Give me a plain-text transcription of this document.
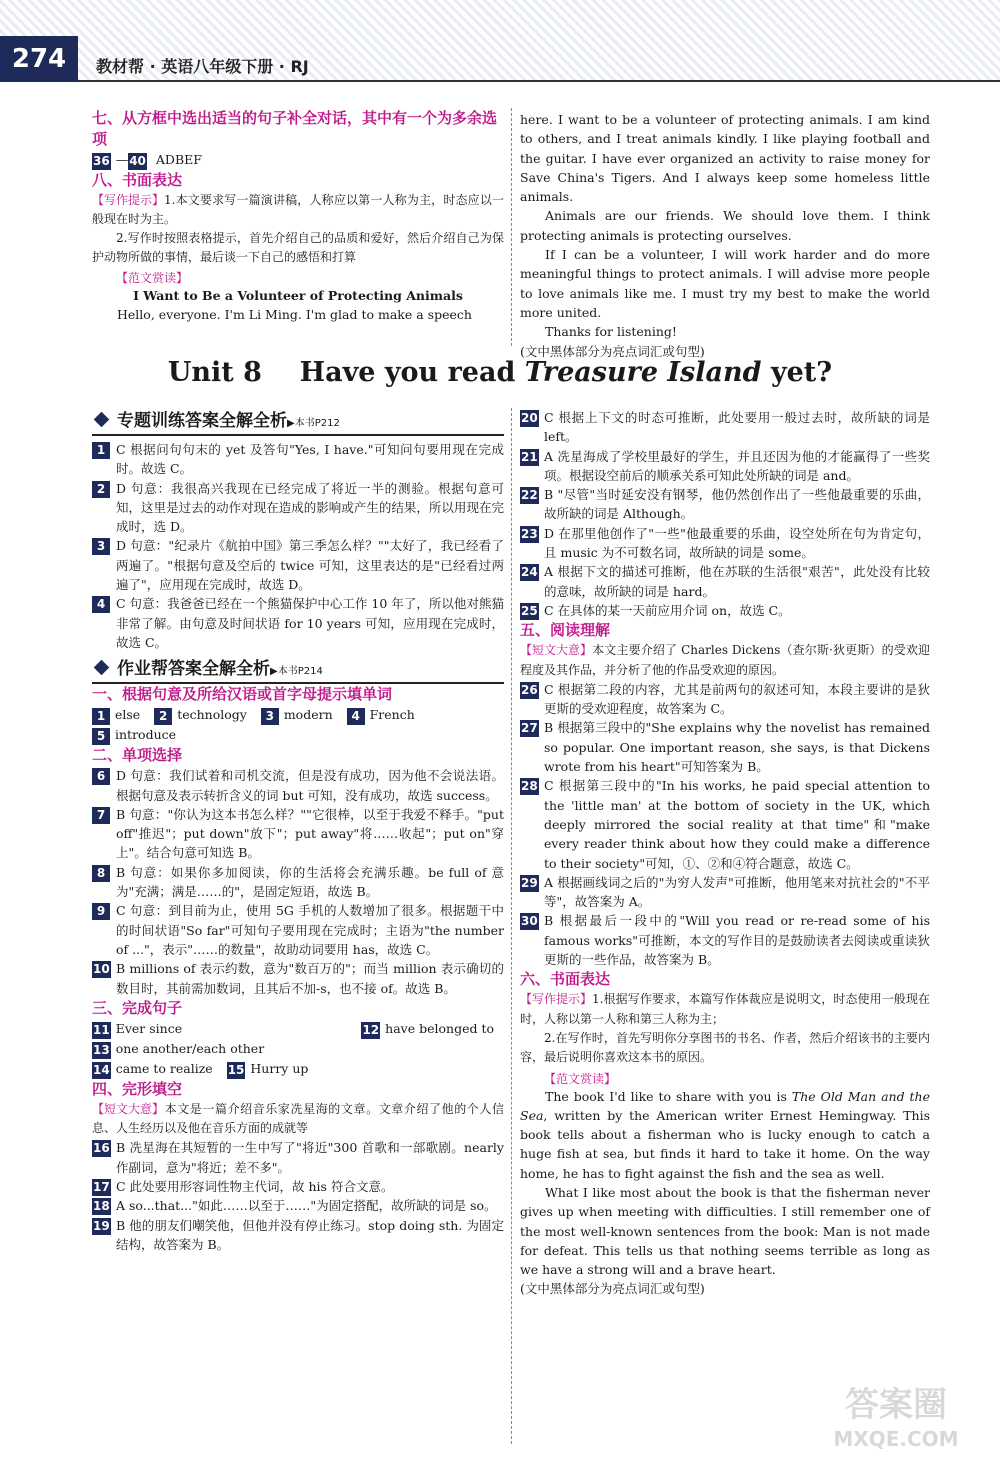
274	教材帮 · 英语八年级下册 · RJ
七、从方框中选出适当的句子补全对话，其中有一个为多余选项
36 —40 ADBEF
八、书面表达
【写作提示】1.本文要求写一篇演讲稿，人称应以第一人称为主，时态应以一般现在时为主。
2.写作时按照表格提示，首先介绍自己的品质和爱好，然后介绍自己为保护动物所做的事情，最后谈一下自己的感悟和打算
【范文赏读】
I Want to Be a Volunteer of Protecting Animals
Hello, everyone. I'm Li Ming. I'm glad to make a speech
here. I want to be a volunteer of protecting animals. I am kind to others, and I treat animals kindly. I like playing football and the guitar. I have ever organized an activity to raise money for Save China's Tigers. And I always keep some homeless little animals.
Animals are our friends. We should love them. I think protecting animals is protecting ourselves.
If I can be a volunteer, I will work harder and do more meaningful things to protect animals. I will advise more people to love animals like me. I must try my best to make the world more united.
Thanks for listening!
(文中黑体部分为亮点词汇或句型)
Unit 8 Have you read Treasure Island yet?
专题训练答案全解全析▶本书P212
1 C 根据问句句末的 yet 及答句"Yes, I have."可知问句要用现在完成时。故选 C。
2 D 句意：我很高兴我现在已经完成了将近一半的测验。根据句意可知，这里是过去的动作对现在造成的影响或产生的结果，所以用现在完成时，选 D。
3 D 句意："纪录片《航拍中国》第三季怎么样？""太好了，我已经看了两遍了。"根据句意及空后的 twice 可知，这里表达的是"已经看过两遍了"，应用现在完成时，故选 D。
4 C 句意：我爸爸已经在一个熊猫保护中心工作 10 年了，所以他对熊猫非常了解。由句意及时间状语 for 10 years 可知，应用现在完成时，故选 C。
作业帮答案全解全析▶本书P214
一、根据句意及所给汉语或首字母提示填单词
1 else 2 technology 3 modern 4 French
5 introduce
二、单项选择
6 D 句意：我们试着和司机交流，但是没有成功，因为他不会说法语。根据句意及表示转折含义的词 but 可知，没有成功，故选 success。
7 B 句意："你认为这本书怎么样？""它很棒，以至于我爱不释手。"put off"推迟"；put down"放下"；put away"将……收起"；put on"穿上"。结合句意可知选 B。
8 B 句意：如果你多加阅读，你的生活将会充满乐趣。be full of 意为"充满；满是……的"，是固定短语，故选 B。
9 C 句意：到目前为止，使用 5G 手机的人数增加了很多。根据题干中的时间状语"So far"可知句子要用现在完成时；主语为"the number of ..."，表示"……的数量"，故助动词要用 has，故选 C。
10 B millions of 表示约数，意为"数百万的"；而当 million 表示确切的数目时，其前需加数词，且其后不加-s，也不接 of。故选 B。
三、完成句子
11 Ever since	12 have belonged to 13 one another/each other
14 came to realize 15 Hurry up
四、完形填空
【短文大意】本文是一篇介绍音乐家冼星海的文章。文章介绍了他的个人信息、人生经历以及他在音乐方面的成就等
16 B 冼星海在其短暂的一生中写了"将近"300 首歌和一部歌剧。nearly 作副词，意为"将近；差不多"。
17 C 此处要用形容词性物主代词，故 his 符合文意。
18 A so...that..."如此……以至于……"为固定搭配，故所缺的词是 so。
19 B 他的朋友们嘲笑他，但他并没有停止练习。stop doing sth. 为固定结构，故答案为 B。
20 C 根据上下文的时态可推断，此处要用一般过去时，故所缺的词是 left。
21 A 冼星海成了学校里最好的学生，并且还因为他的才能赢得了一些奖项。根据设空前后的顺承关系可知此处所缺的词是 and。
22 B "尽管"当时延安没有钢琴，他仍然创作出了一些他最重要的乐曲，故所缺的词是 Although。
23 D 在那里他创作了"一些"他最重要的乐曲，设空处所在句为肯定句，且 music 为不可数名词，故所缺的词是 some。
24 A 根据下文的描述可推断，他在苏联的生活很"艰苦"，此处没有比较的意味，故所缺的词是 hard。
25 C 在具体的某一天前应用介词 on，故选 C。
五、阅读理解
【短文大意】本文主要介绍了 Charles Dickens（查尔斯·狄更斯）的受欢迎程度及其作品，并分析了他的作品受欢迎的原因。
26 C 根据第二段的内容，尤其是前两句的叙述可知，本段主要讲的是狄更斯的受欢迎程度，故答案为 C。
27 B 根据第三段中的"She explains why the novelist has remained so popular. One important reason, she says, is that Dickens wrote from his heart"可知答案为 B。
28 C 根据第三段中的"In his works, he paid special attention to the 'little man' at the bottom of society in the UK, which deeply mirrored the social reality at that time"和"make every reader think about how they could make a difference to their society"可知，①、②和④符合题意，故选 C。
29 A 根据画线词之后的"为穷人发声"可推断，他用笔来对抗社会的"不平等"，故答案为 A。
30 B 根据最后一段中的"Will you read or re-read some of his famous works"可推断，本文的写作目的是鼓励读者去阅读或重读狄更斯的一些作品，故答案为 B。
六、书面表达
【写作提示】1.根据写作要求，本篇写作体裁应是说明文，时态使用一般现在时，人称以第一人称和第三人称为主；
2.在写作时，首先写明你分享图书的书名、作者，然后介绍该书的主要内容，最后说明你喜欢这本书的原因。
【范文赏读】
The book I'd like to share with you is The Old Man and the Sea, written by the American writer Ernest Hemingway. This book tells about a fisherman who is lucky enough to catch a huge fish at sea, but finds it hard to take it home. On the way home, he has to fight against the fish and the sea as well.
What I like most about the book is that the fisherman never gives up when meeting with difficulties. I still remember one of the most well-known sentences from the book: Man is not made for defeat. This tells us that nothing seems terrible as long as we have a strong will and a brave heart.
(文中黑体部分为亮点词汇或句型)
答案圈
MXQE.COM
